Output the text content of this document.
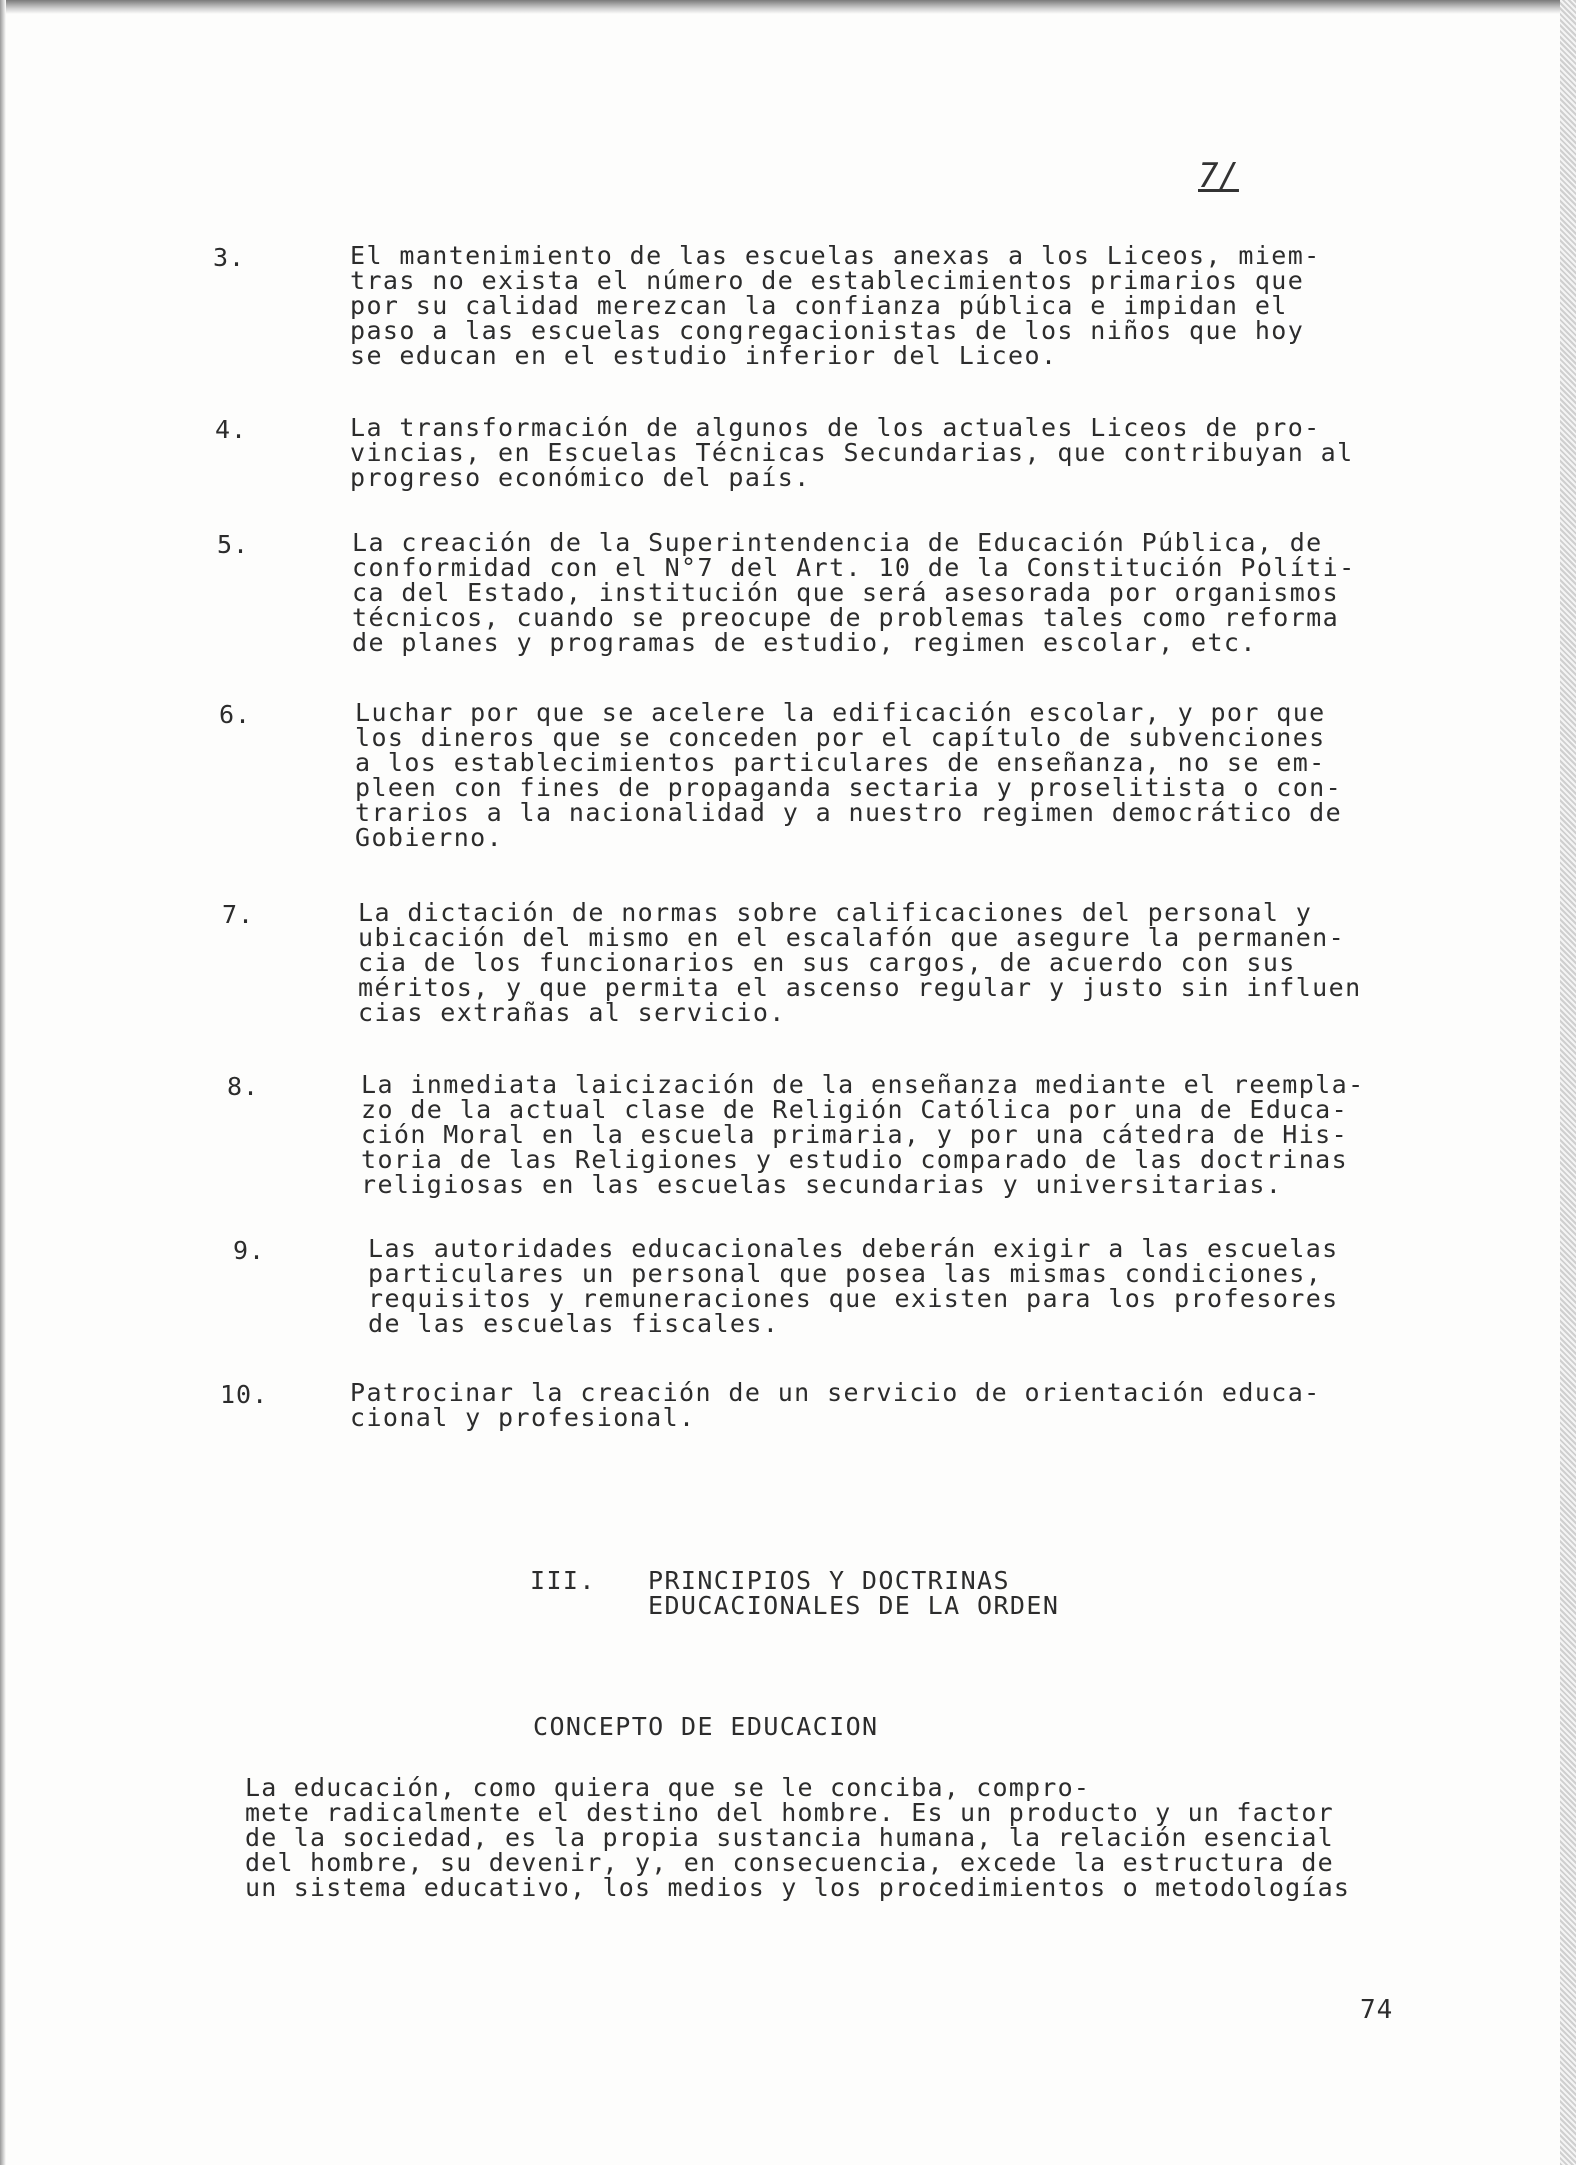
7/
3.	El mantenimiento de las escuelas anexas a los Liceos, miem-
tras no exista el número de establecimientos primarios que
por su calidad merezcan la confianza pública e impidan el
paso a las escuelas congregacionistas de los niños que hoy
se educan en el estudio inferior del Liceo.
4.	La transformación de algunos de los actuales Liceos de pro-
vincias, en Escuelas Técnicas Secundarias, que contribuyan al
progreso económico del país.
5.	La creación de la Superintendencia de Educación Pública, de
conformidad con el N°7 del Art. 10 de la Constitución Políti-
ca del Estado, institución que será asesorada por organismos
técnicos, cuando se preocupe de problemas tales como reforma
de planes y programas de estudio, regimen escolar, etc.
6.	Luchar por que se acelere la edificación escolar, y por que
los dineros que se conceden por el capítulo de subvenciones
a los establecimientos particulares de enseñanza, no se em-
pleen con fines de propaganda sectaria y proselitista o con-
trarios a la nacionalidad y a nuestro regimen democrático de
Gobierno.
7.	La dictación de normas sobre calificaciones del personal y
ubicación del mismo en el escalafón que asegure la permanen-
cia de los funcionarios en sus cargos, de acuerdo con sus
méritos, y que permita el ascenso regular y justo sin influen
cias extrañas al servicio.
8.	La inmediata laicización de la enseñanza mediante el reempla-
zo de la actual clase de Religión Católica por una de Educa-
ción Moral en la escuela primaria, y por una cátedra de His-
toria de las Religiones y estudio comparado de las doctrinas
religiosas en las escuelas secundarias y universitarias.
9.	Las autoridades educacionales deberán exigir a las escuelas
particulares un personal que posea las mismas condiciones,
requisitos y remuneraciones que existen para los profesores
de las escuelas fiscales.
10.	Patrocinar la creación de un servicio de orientación educa-
cional y profesional.
III. PRINCIPIOS Y DOCTRINAS
EDUCACIONALES DE LA ORDEN
CONCEPTO DE EDUCACION
La educación, como quiera que se le conciba, compro-
mete radicalmente el destino del hombre. Es un producto y un factor
de la sociedad, es la propia sustancia humana, la relación esencial
del hombre, su devenir, y, en consecuencia, excede la estructura de
un sistema educativo, los medios y los procedimientos o metodologías
74
